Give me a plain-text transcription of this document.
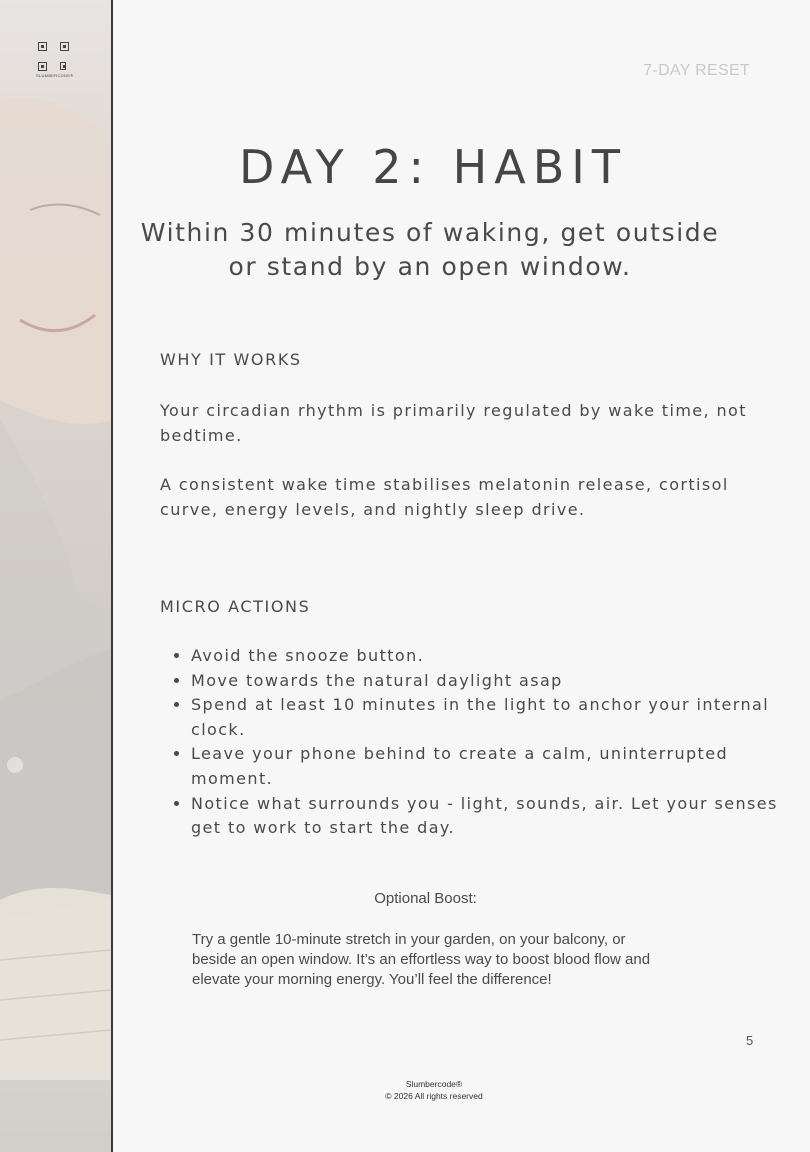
SLUMBERCODE®	7-DAY RESET
DAY 2: HABIT

Within 30 minutes of waking, get outside or stand by an open window.

WHY IT WORKS

Your circadian rhythm is primarily regulated by wake time, not bedtime.

A consistent wake time stabilises melatonin release, cortisol curve, energy levels, and nightly sleep drive.

MICRO ACTIONS
• Avoid the snooze button.
• Move towards the natural daylight asap
• Spend at least 10 minutes in the light to anchor your internal clock.
• Leave your phone behind to create a calm, uninterrupted moment.
• Notice what surrounds you - light, sounds, air. Let your senses get to work to start the day.
Optional Boost:

Try a gentle 10-minute stretch in your garden, on your balcony, or beside an open window. It’s an effortless way to boost blood flow and elevate your morning energy. You’ll feel the difference!

5
Slumbercode®
© 2026 All rights reserved
